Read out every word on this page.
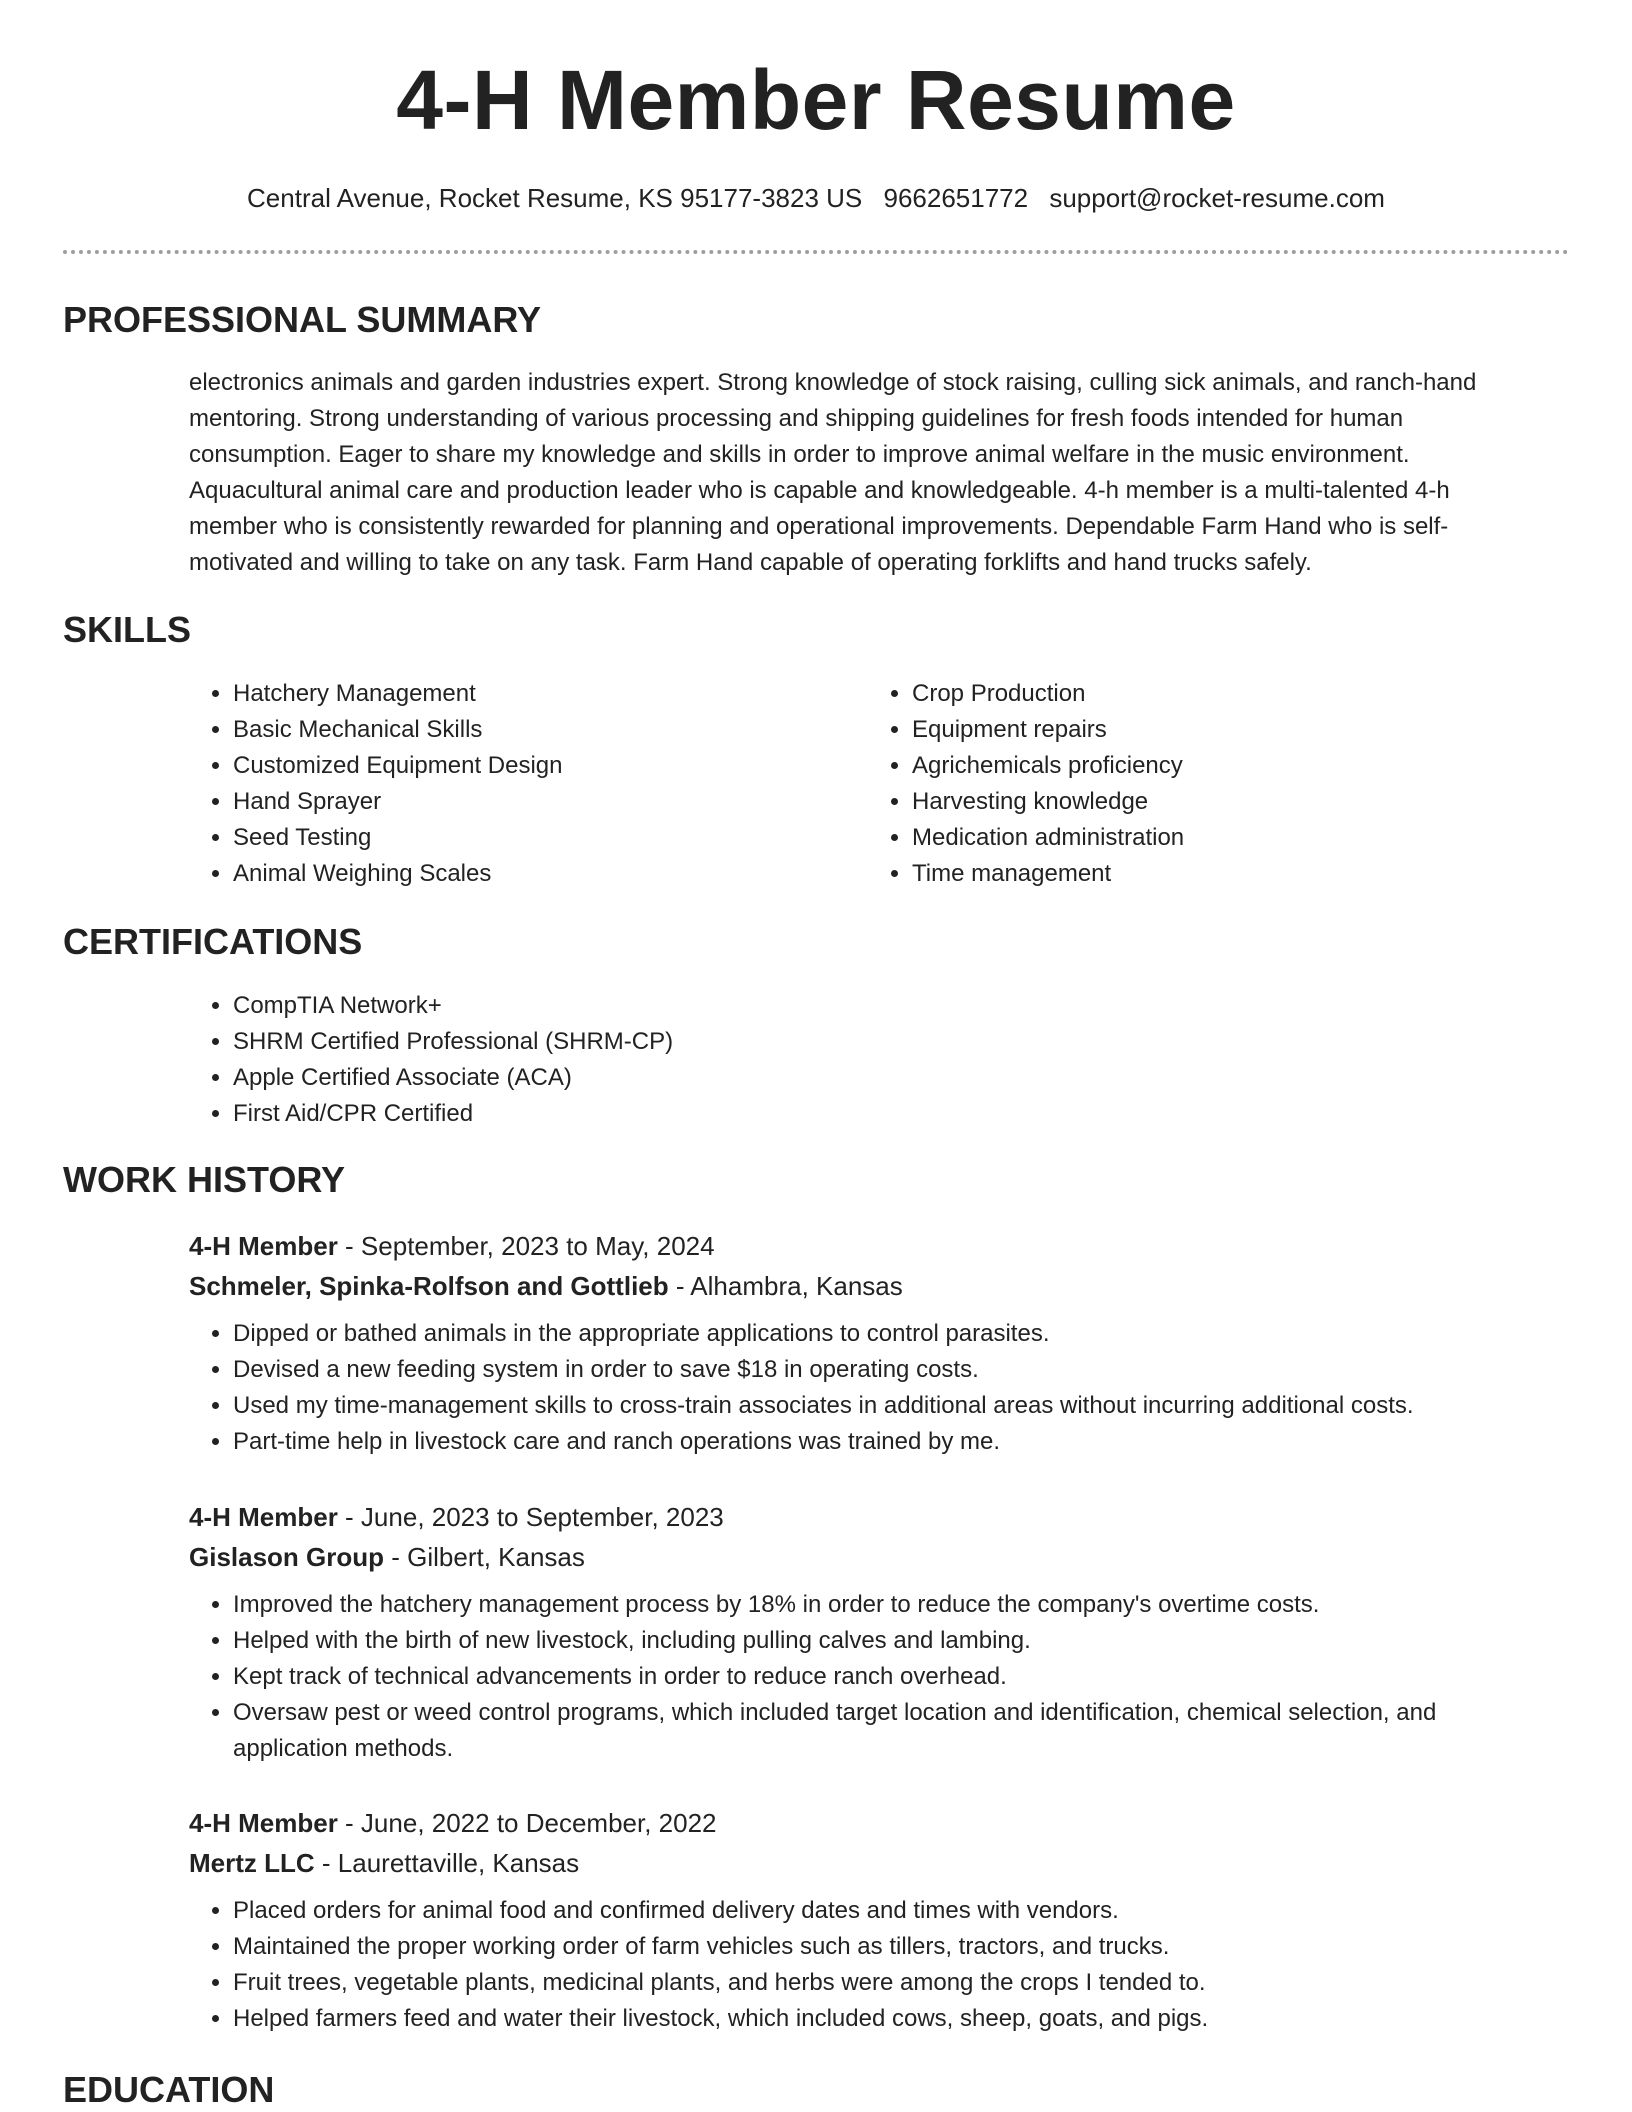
4-H Member Resume
Central Avenue, Rocket Resume, KS 95177-3823 US 9662651772 support@rocket-resume.com
PROFESSIONAL SUMMARY
electronics animals and garden industries expert. Strong knowledge of stock raising, culling sick animals, and ranch-hand mentoring. Strong understanding of various processing and shipping guidelines for fresh foods intended for human consumption. Eager to share my knowledge and skills in order to improve animal welfare in the music environment. Aquacultural animal care and production leader who is capable and knowledgeable. 4-h member is a multi-talented 4-h member who is consistently rewarded for planning and operational improvements. Dependable Farm Hand who is self-motivated and willing to take on any task. Farm Hand capable of operating forklifts and hand trucks safely.
SKILLS
• Hatchery Management
• Basic Mechanical Skills
• Customized Equipment Design
• Hand Sprayer
• Seed Testing
• Animal Weighing Scales
• Crop Production
• Equipment repairs
• Agrichemicals proficiency
• Harvesting knowledge
• Medication administration
• Time management
CERTIFICATIONS
• CompTIA Network+
• SHRM Certified Professional (SHRM-CP)
• Apple Certified Associate (ACA)
• First Aid/CPR Certified
WORK HISTORY
4-H Member - September, 2023 to May, 2024
Schmeler, Spinka-Rolfson and Gottlieb - Alhambra, Kansas
• Dipped or bathed animals in the appropriate applications to control parasites.
• Devised a new feeding system in order to save $18 in operating costs.
• Used my time-management skills to cross-train associates in additional areas without incurring additional costs.
• Part-time help in livestock care and ranch operations was trained by me.
4-H Member - June, 2023 to September, 2023
Gislason Group - Gilbert, Kansas
• Improved the hatchery management process by 18% in order to reduce the company's overtime costs.
• Helped with the birth of new livestock, including pulling calves and lambing.
• Kept track of technical advancements in order to reduce ranch overhead.
• Oversaw pest or weed control programs, which included target location and identification, chemical selection, and application methods.
4-H Member - June, 2022 to December, 2022
Mertz LLC - Laurettaville, Kansas
• Placed orders for animal food and confirmed delivery dates and times with vendors.
• Maintained the proper working order of farm vehicles such as tillers, tractors, and trucks.
• Fruit trees, vegetable plants, medicinal plants, and herbs were among the crops I tended to.
• Helped farmers feed and water their livestock, which included cows, sheep, goats, and pigs.
EDUCATION
